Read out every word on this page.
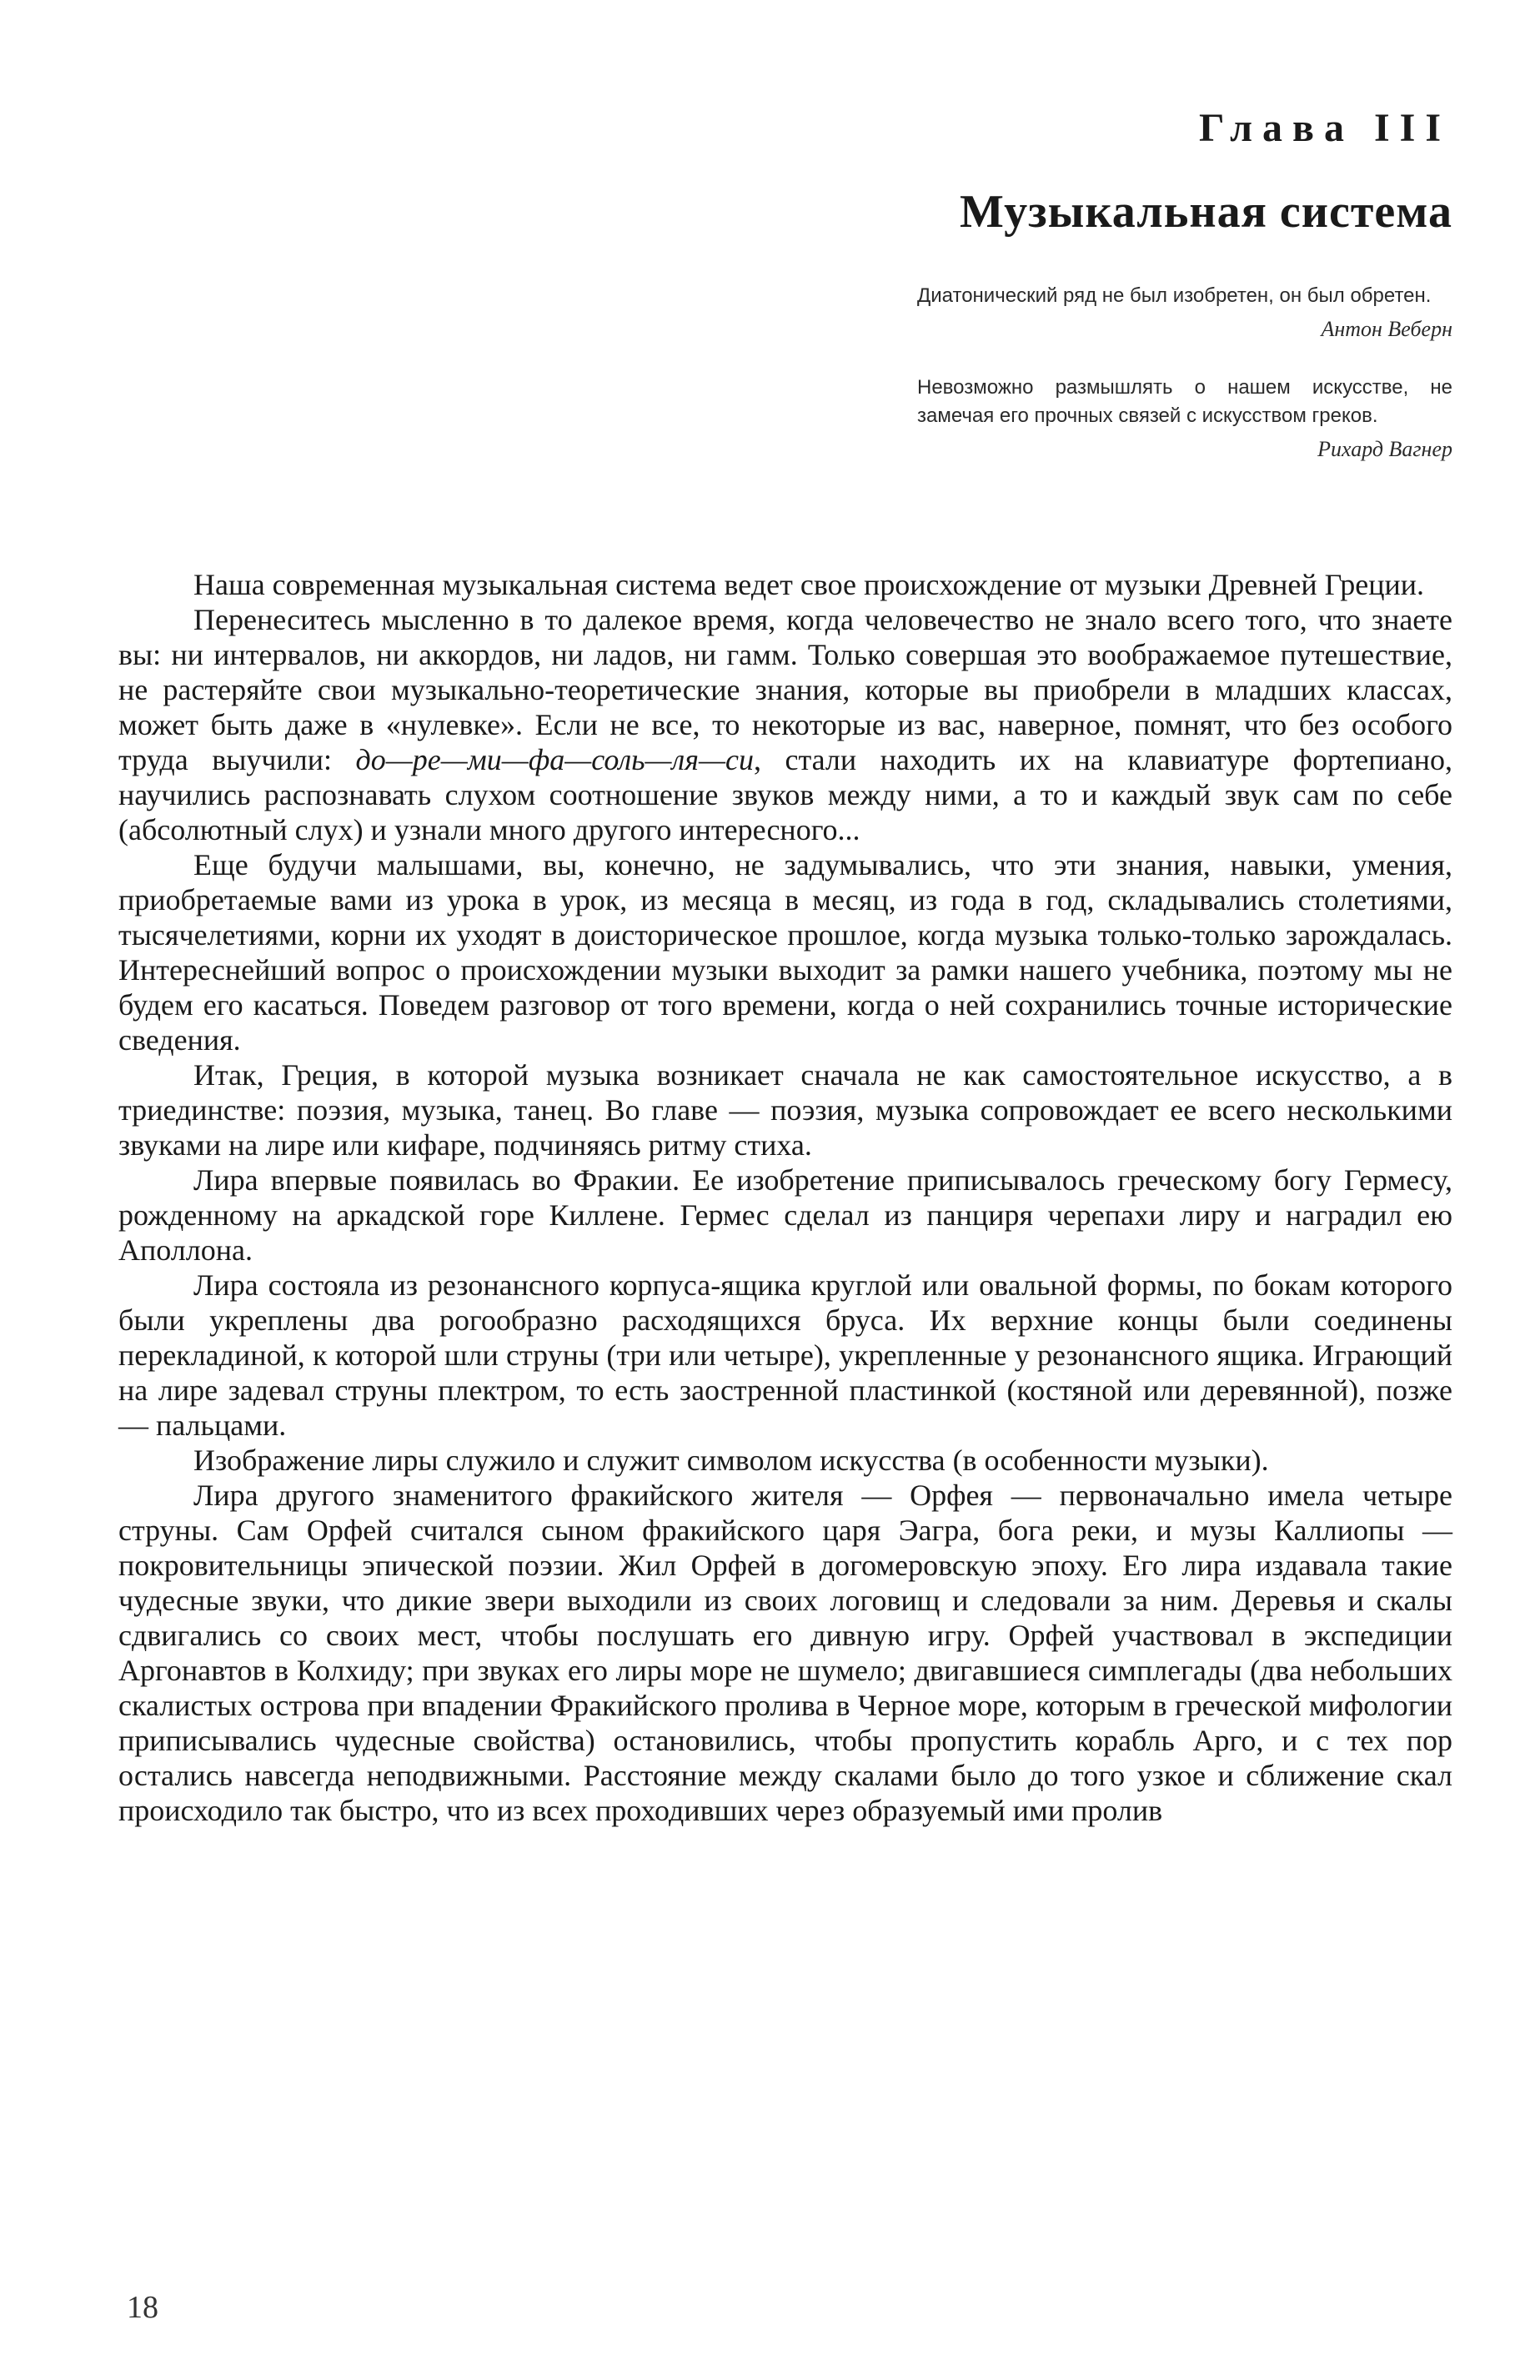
Глава III
Музыкальная система
Диатонический ряд не был изобретен, он был обретен.
Антон Веберн
Невозможно размышлять о нашем искусстве, не замечая его прочных связей с искусством греков.
Рихард Вагнер

Наша современная музыкальная система ведет свое происхождение от музыки Древней Греции.

Перенеситесь мысленно в то далекое время, когда человечество не знало всего того, что знаете вы: ни интервалов, ни аккордов, ни ладов, ни гамм. Только совершая это воображаемое путешествие, не растеряйте свои музыкально-теоретические знания, которые вы приобрели в младших классах, может быть даже в «нулевке». Если не все, то некоторые из вас, наверное, помнят, что без особого труда выучили: до—ре—ми—фа—соль—ля—си, стали находить их на клавиатуре фортепиано, научились распознавать слухом соотношение звуков между ними, а то и каждый звук сам по себе (абсолютный слух) и узнали много другого интересного...

Еще будучи малышами, вы, конечно, не задумывались, что эти знания, навыки, умения, приобретаемые вами из урока в урок, из месяца в месяц, из года в год, складывались столетиями, тысячелетиями, корни их уходят в доисторическое прошлое, когда музыка только-только зарождалась. Интереснейший вопрос о происхождении музыки выходит за рамки нашего учебника, поэтому мы не будем его касаться. Поведем разговор от того времени, когда о ней сохранились точные исторические сведения.

Итак, Греция, в которой музыка возникает сначала не как самостоятельное искусство, а в триединстве: поэзия, музыка, танец. Во главе — поэзия, музыка сопровождает ее всего несколькими звуками на лире или кифаре, подчиняясь ритму стиха.

Лира впервые появилась во Фракии. Ее изобретение приписывалось греческому богу Гермесу, рожденному на аркадской горе Киллене. Гермес сделал из панциря черепахи лиру и наградил ею Аполлона.

Лира состояла из резонансного корпуса-ящика круглой или овальной формы, по бокам которого были укреплены два рогообразно расходящихся бруса. Их верхние концы были соединены перекладиной, к которой шли струны (три или четыре), укрепленные у резонансного ящика. Играющий на лире задевал струны плектром, то есть заостренной пластинкой (костяной или деревянной), позже — пальцами.

Изображение лиры служило и служит символом искусства (в особенности музыки).

Лира другого знаменитого фракийского жителя — Орфея — первоначально имела четыре струны. Сам Орфей считался сыном фракийского царя Эагра, бога реки, и музы Каллиопы — покровительницы эпической поэзии. Жил Орфей в догомеровскую эпоху. Его лира издавала такие чудесные звуки, что дикие звери выходили из своих логовищ и следовали за ним. Деревья и скалы сдвигались со своих мест, чтобы послушать его дивную игру. Орфей участвовал в экспедиции Аргонавтов в Колхиду; при звуках его лиры море не шумело; двигавшиеся симплегады (два небольших скалистых острова при впадении Фракийского пролива в Черное море, которым в греческой мифологии приписывались чудесные свойства) остановились, чтобы пропустить корабль Арго, и с тех пор остались навсегда неподвижными. Расстояние между скалами было до того узкое и сближение скал происходило так быстро, что из всех проходивших через образуемый ими пролив

18
